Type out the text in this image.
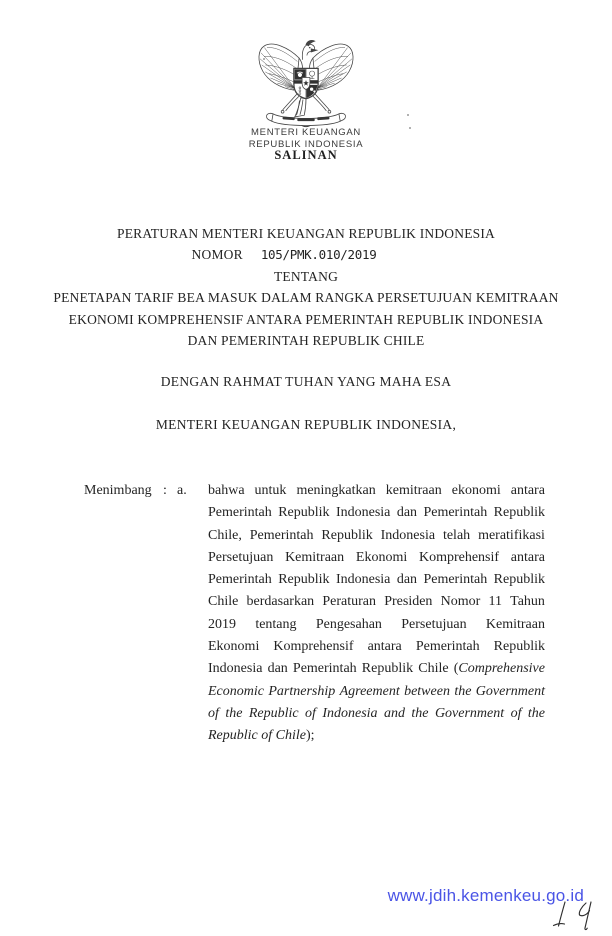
MENTERI KEUANGAN
REPUBLIK INDONESIA
SALINAN
PERATURAN MENTERI KEUANGAN REPUBLIK INDONESIA
NOMOR 105/PMK.010/2019
TENTANG
PENETAPAN TARIF BEA MASUK DALAM RANGKA PERSETUJUAN KEMITRAAN
EKONOMI KOMPREHENSIF ANTARA PEMERINTAH REPUBLIK INDONESIA
DAN PEMERINTAH REPUBLIK CHILE
DENGAN RAHMAT TUHAN YANG MAHA ESA
MENTERI KEUANGAN REPUBLIK INDONESIA,
Menimbang : a. bahwa untuk meningkatkan kemitraan ekonomi antara
Pemerintah Republik Indonesia dan Pemerintah Republik
Chile, Pemerintah Republik Indonesia telah meratifikasi
Persetujuan Kemitraan Ekonomi Komprehensif antara
Pemerintah Republik Indonesia dan Pemerintah Republik
Chile berdasarkan Peraturan Presiden Nomor 11 Tahun
2019 tentang Pengesahan Persetujuan Kemitraan
Ekonomi Komprehensif antara Pemerintah Republik
Indonesia dan Pemerintah Republik Chile (Comprehensive
Economic Partnership Agreement between the Government
of the Republic of Indonesia and the Government of the
Republic of Chile);
www.jdih.kemenkeu.go.id
